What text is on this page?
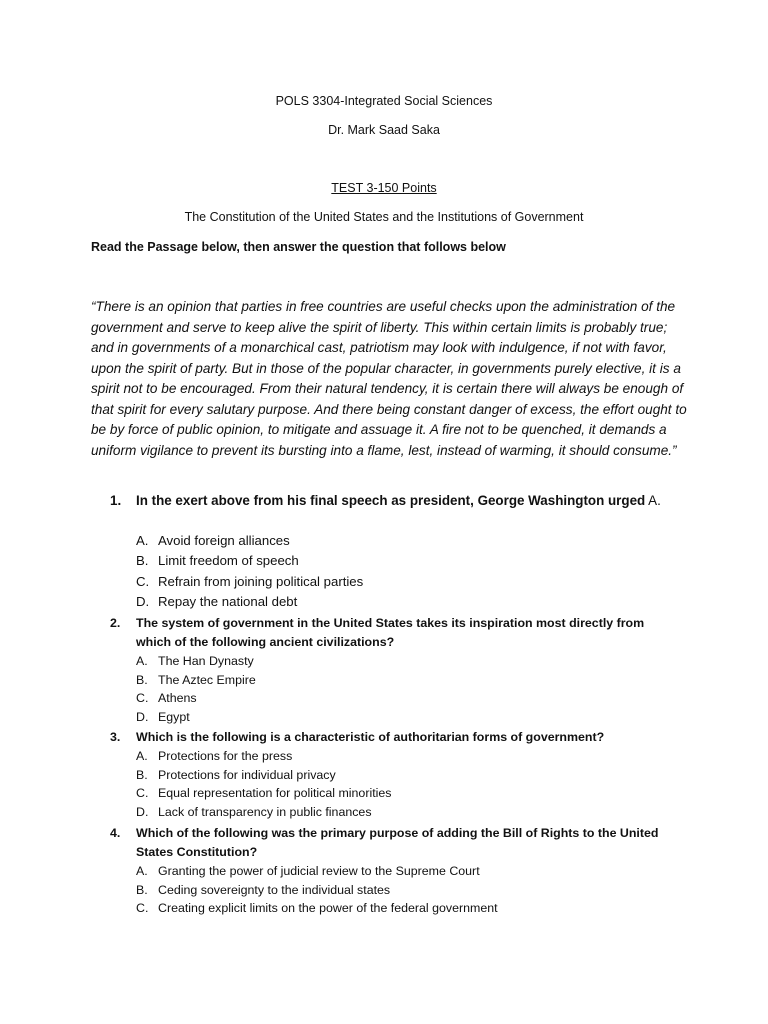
POLS 3304-Integrated Social Sciences
Dr. Mark Saad Saka
TEST 3-150 Points
The Constitution of the United States and the Institutions of Government
Read the Passage below, then answer the question that follows below
“There is an opinion that parties in free countries are useful checks upon the administration of the government and serve to keep alive the spirit of liberty. This within certain limits is probably true; and in governments of a monarchical cast, patriotism may look with indulgence, if not with favor, upon the spirit of party. But in those of the popular character, in governments purely elective, it is a spirit not to be encouraged. From their natural tendency, it is certain there will always be enough of that spirit for every salutary purpose. And there being constant danger of excess, the effort ought to be by force of public opinion, to mitigate and assuage it. A fire not to be quenched, it demands a uniform vigilance to prevent its bursting into a flame, lest, instead of warming, it should consume.”
1.	In the exert above from his final speech as president, George Washington urged A.
A. Avoid foreign alliances
B. Limit freedom of speech
C. Refrain from joining political parties
D. Repay the national debt
2.	The system of government in the United States takes its inspiration most directly from which of the following ancient civilizations?
A. The Han Dynasty
B. The Aztec Empire
C. Athens
D. Egypt
3.	Which is the following is a characteristic of authoritarian forms of government?
A. Protections for the press
B. Protections for individual privacy
C. Equal representation for political minorities
D. Lack of transparency in public finances
4.	Which of the following was the primary purpose of adding the Bill of Rights to the United States Constitution?
A. Granting the power of judicial review to the Supreme Court
B. Ceding sovereignty to the individual states
C. Creating explicit limits on the power of the federal government
